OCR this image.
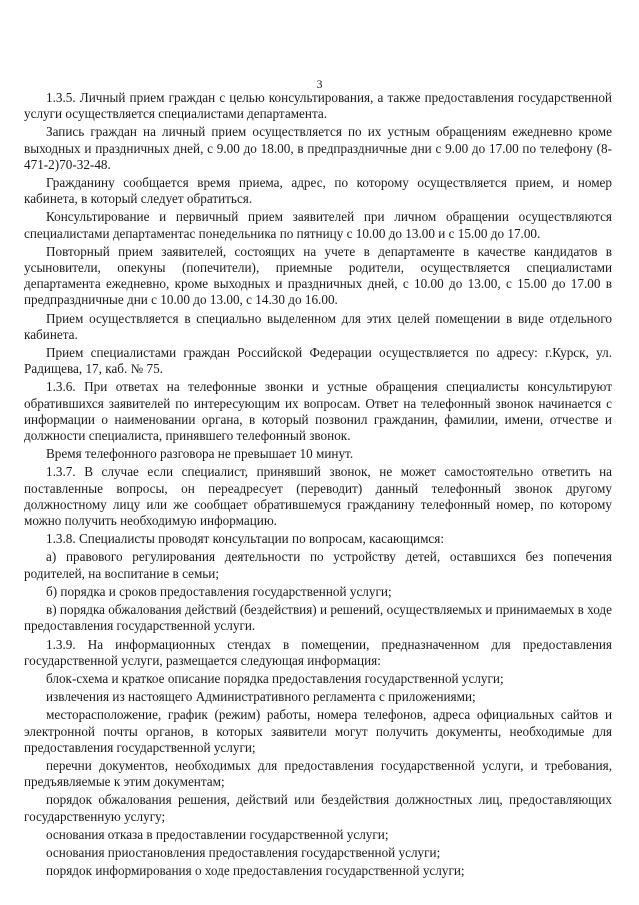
3

1.3.5. Личный прием граждан с целью консультирования, а также предоставления государственной услуги осуществляется специалистами департамента.

Запись граждан на личный прием осуществляется по их устным обращениям ежедневно кроме выходных и праздничных дней, с 9.00 до 18.00, в предпраздничные дни с 9.00 до 17.00 по телефону (8-471-2)70-32-48.

Гражданину сообщается время приема, адрес, по которому осуществляется прием, и номер кабинета, в который следует обратиться.

Консультирование и первичный прием заявителей при личном обращении осуществляются специалистами департаментас понедельника по пятницу с 10.00 до 13.00 и с 15.00 до 17.00.

Повторный прием заявителей, состоящих на учете в департаменте в качестве кандидатов в усыновители, опекуны (попечители), приемные родители, осуществляется специалистами департамента ежедневно, кроме выходных и праздничных дней, с 10.00 до 13.00, с 15.00 до 17.00 в предпраздничные дни с 10.00 до 13.00, с 14.30 до 16.00.

Прием осуществляется в специально выделенном для этих целей помещении в виде отдельного кабинета.

Прием специалистами граждан Российской Федерации осуществляется по адресу: г.Курск, ул. Радищева, 17, каб. № 75.

1.3.6. При ответах на телефонные звонки и устные обращения специалисты консультируют обратившихся заявителей по интересующим их вопросам. Ответ на телефонный звонок начинается с информации о наименовании органа, в который позвонил гражданин, фамилии, имени, отчестве и должности специалиста, принявшего телефонный звонок.

Время телефонного разговора не превышает 10 минут.

1.3.7. В случае если специалист, принявший звонок, не может самостоятельно ответить на поставленные вопросы, он переадресует (переводит) данный телефонный звонок другому должностному лицу или же сообщает обратившемуся гражданину телефонный номер, по которому можно получить необходимую информацию.

1.3.8. Специалисты проводят консультации по вопросам, касающимся:

а) правового регулирования деятельности по устройству детей, оставшихся без попечения родителей, на воспитание в семьи;

б) порядка и сроков предоставления государственной услуги;

в) порядка обжалования действий (бездействия) и решений, осуществляемых и принимаемых в ходе предоставления государственной услуги.

1.3.9. На информационных стендах в помещении, предназначенном для предоставления государственной услуги, размещается следующая информация:

блок-схема и краткое описание порядка предоставления государственной услуги;

извлечения из настоящего Административного регламента с приложениями;

месторасположение, график (режим) работы, номера телефонов, адреса официальных сайтов и электронной почты органов, в которых заявители могут получить документы, необходимые для предоставления государственной услуги;

перечни документов, необходимых для предоставления государственной услуги, и требования, предъявляемые к этим документам;

порядок обжалования решения, действий или бездействия должностных лиц, предоставляющих государственную услугу;

основания отказа в предоставлении государственной услуги;

основания приостановления предоставления государственной услуги;

порядок информирования о ходе предоставления государственной услуги;
